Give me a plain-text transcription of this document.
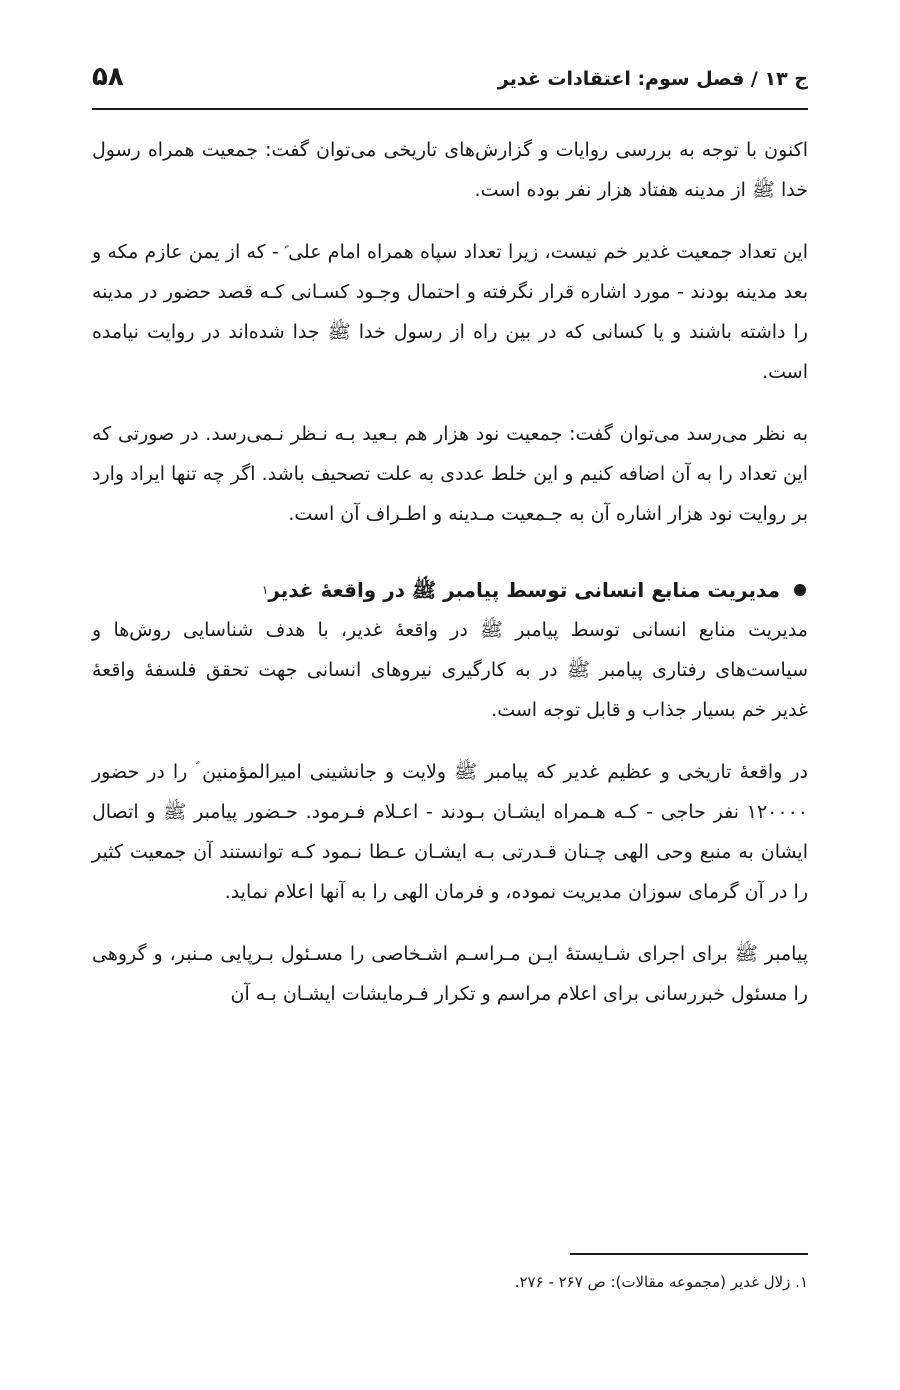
ج ۱۳ / فصل سوم: اعتقادات غدیر
۵۸

اکنون با توجه به بررسی روایات و گزارش‌های تاریخی می‌توان گفت: جمعیت همراه رسول خدا ﷺ از مدینه هفتاد هزار نفر بوده است.

این تعداد جمعیت غدیر خم نیست، زیرا تعداد سپاه همراه امام علی ؑ - که از یمن عازم مکه و بعد مدینه بودند - مورد اشاره قرار نگرفته و احتمال وجـود کسـانی کـه قصد حضور در مدینه را داشته باشند و یا کسانی که در بین راه از رسول خدا ﷺ جدا شده‌اند در روایت نیامده است.

به نظر می‌رسد می‌توان گفت: جمعیت نود هزار هم بـعید بـه نـظر نـمی‌رسد. در صورتی که این تعداد را به آن اضافه کنیم و این خلط عددی به علت تصحیف باشد. اگر چه تنها ایراد وارد بر روایت نود هزار اشاره آن به جـمعیت مـدینه و اطـراف آن است.

مدیریت منابع انسانی توسط پیامبر ﷺ در واقعهٔ غدیر
۱

مدیریت منابع انسانی توسط پیامبر ﷺ در واقعهٔ غدیر، با هدف شناسایی روش‌ها و سیاست‌های رفتاری پیامبر ﷺ در به کارگیری نیروهای انسانی جهت تحقق فلسفهٔ واقعهٔ غدیر خم بسیار جذاب و قابل توجه است.

در واقعهٔ تاریخی و عظیم غدیر که پیامبر ﷺ ولایت و جانشینی امیرالمؤمنین ؑ را در حضور ۱۲۰۰۰۰ نفر حاجی - کـه هـمراه ایشـان بـودند - اعـلام فـرمود. حـضور پیامبر ﷺ و اتصال ایشان به منبع وحی الهی چـنان قـدرتی بـه ایشـان عـطا نـمود کـه توانستند آن جمعیت کثیر را در آن گرمای سوزان مدیریت نموده، و فرمان الهی را به آنها اعلام نماید.

پیامبر ﷺ برای اجرای شـایستهٔ ایـن مـراسـم اشـخاصی را مسـئول بـرپایی مـنبر، و گروهی را مسئول خبررسانی برای اعلام مراسم و تکرار فـرمایشات ایشـان بـه آن

۱. زلال غدیر (مجموعه مقالات): ص ۲۶۷ - ۲۷۶.
